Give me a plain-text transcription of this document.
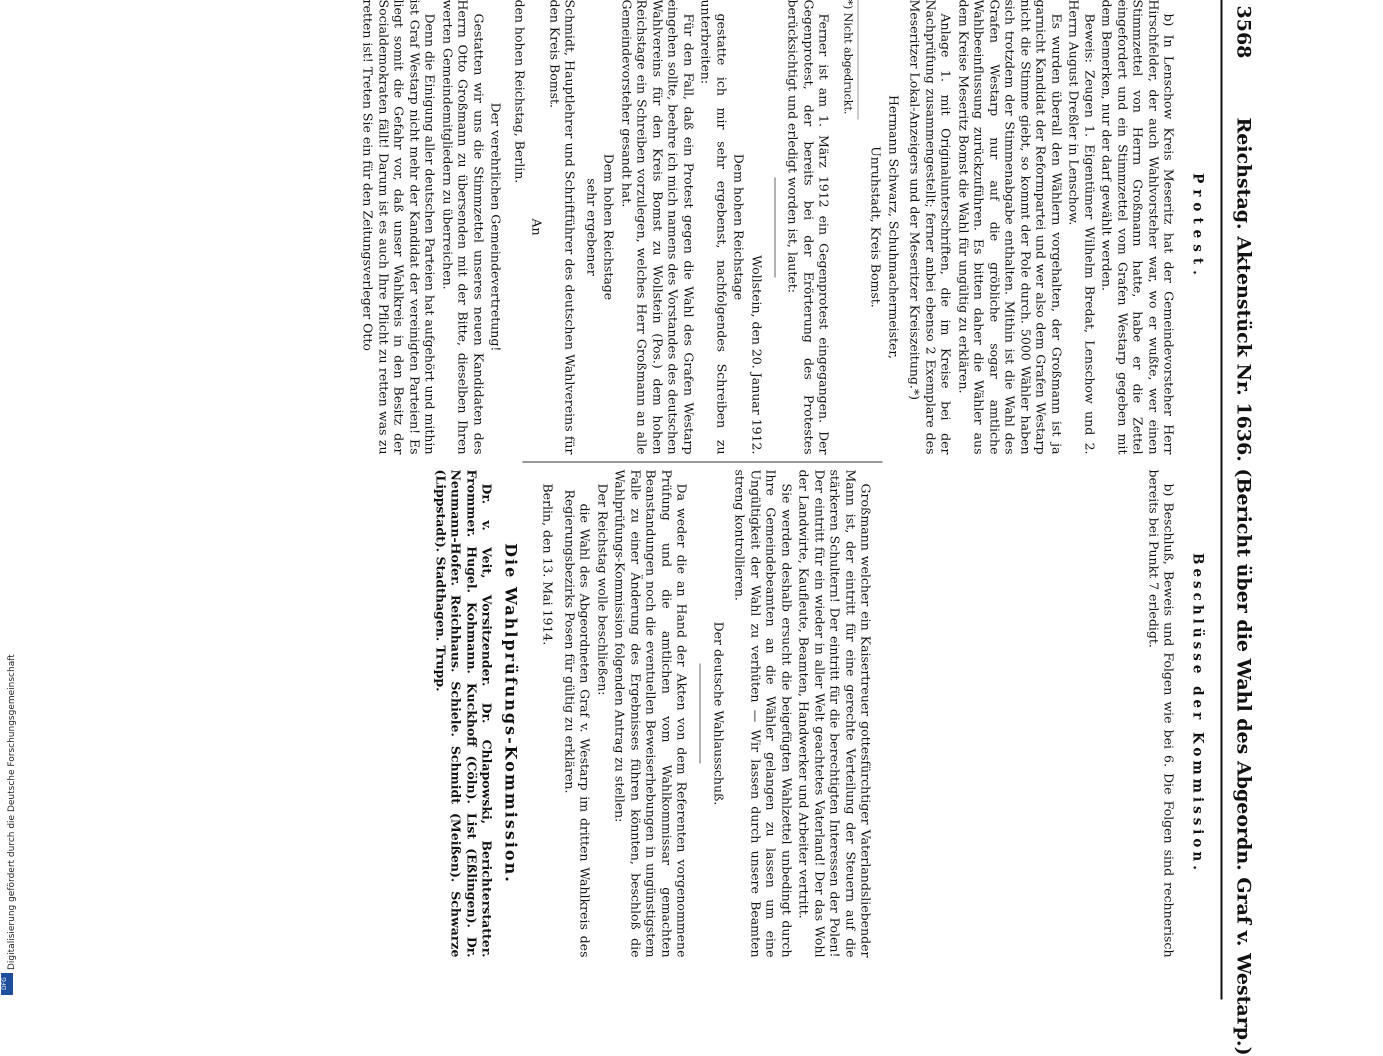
Digitalisierung gefördert durch die Deutsche Forschungsgemeinschaft
DFG
3568
Reichstag. Aktenstück Nr. 1636. (Bericht über die Wahl des Abgeordn. Graf v. Westarp.)
Protest.

b) In Lenschow Kreis Meseritz hat der Gemeindevorsteher Herr Hirschfelder, der auch Wahlvorsteher war, wo er wußte, wer einen Stimmzettel von Herrn Großmann hatte, habe er die Zettel eingefordert und ein Stimmzettel vom Grafen Westarp gegeben mit dem Bemerken, nur der darf gewählt werden.

Beweis: Zeugen 1. Eigentümer Wilhelm Bredat, Lenschow und 2. Herrn August Dreßler in Lenschow.

Es wurden überall den Wählern vorgehalten, der Großmann ist ja garnicht Kandidat der Reformpartei und wer also dem Grafen Westarp nicht die Stimme giebt, so kommt der Pole durch. 5000 Wähler haben sich trotzdem der Stimmenabgabe enthalten. Mithin ist die Wahl des Grafen Westarp nur auf die gröbliche sogar amtliche Wahlbeeinflussung zurückzuführen. Es bitten daher die Wähler aus dem Kreise Meseritz Bomst die Wahl für ungültig zu erklären.

Anlage 1. mit Originalunterschriften, die im Kreise bei der Nachprüfung zusammengestellt; ferner anbei ebenso 2 Exemplare des Meseritzer Lokal-Anzeigers und der Meseritzer Kreiszeitung.*)

Hermann Schwarz, Schuhmachermeister,

Unruhstadt, Kreis Bomst.

*) Nicht abgedruckt.

Ferner ist am 1. März 1912 ein Gegenprotest eingegangen. Der Gegenprotest, der bereits bei der Erörterung des Protestes berücksichtigt und erledigt worden ist, lautet:

Wollstein, den 20. Januar 1912.

Dem hohen Reichstage

gestatte ich mir sehr ergebenst, nachfolgendes Schreiben zu unterbreiten:

Für den Fall, daß ein Protest gegen die Wahl des Grafen Westarp eingehen sollte, beehre ich mich namens des Vorstandes des deutschen Wahlvereins für den Kreis Bomst zu Wollstein (Pos.) dem hohen Reichstage ein Schreiben vorzulegen, welches Herr Großmann an alle Gemeindevorsteher gesandt hat.

Dem hohen Reichstage

sehr ergebener

Schmidt, Hauptlehrer und Schriftführer des deutschen Wahlvereins für den Kreis Bomst.

An

den hohen Reichstag, Berlin.

Der verehrlichen Gemeindevertretung!

Gestatten wir uns die Stimmzettel unseres neuen Kandidaten des Herrn Otto Großmann zu übersenden mit der Bitte, dieselben Ihren werten Gemeindemitgliedern zu überreichen.

Denn die Einigung aller deutschen Parteien hat aufgehört und mithin ist Graf Westarp nicht mehr der Kandidat der vereinigten Parteien! Es liegt somit die Gefahr vor, daß unser Wahlkreis in den Besitz der Socialdemokraten fällt! Darum ist es auch Ihre Pflicht zu retten was zu retten ist! Treten Sie ein für den Zeitungsverleger Otto

Beschlüsse der Kommission.

b) Beschluß, Beweis und Folgen wie bei 6. Die Folgen sind rechnerisch bereits bei Punkt 7 erledigt.

Großmann welcher ein Kaisertreuer gottesfürchtiger Vaterlandsliebender Mann ist, der eintritt für eine gerechte Verteilung der Steuern auf die stärkeren Schultern! Der eintritt für die berechtigten Interessen der Polen! Der eintritt für ein wieder in aller Welt geachtetes Vaterland! Der das Wohl der Landwirte, Kaufleute, Beamten, Handwerker und Arbeiter vertritt.

Sie werden deshalb ersucht die beigefügten Wahlzettel unbedingt durch Ihre Gemeindebeamten an die Wähler gelangen zu lassen um eine Ungültigkeit der Wahl zu verhüten — Wir lassen durch unsere Beamten streng kontrollieren.

Der deutsche Wahlausschuß.

Da weder die an Hand der Akten von dem Referenten vorgenommene Prüfung und die amtlichen vom Wahlkommissar gemachten Beanstandungen noch die eventuellen Beweiserhebungen in ungünstigstem Falle zu einer Änderung des Ergebnisses führen könnten, beschloß die Wahlprüfungs-Kommission folgenden Antrag zu stellen:

Der Reichstag wolle beschließen:

die Wahl des Abgeordneten Graf v. Westarp im dritten Wahlkreis des Regierungsbezirks Posen für gültig zu erklären.

Berlin, den 13. Mai 1914.

Die Wahlprüfungs-Kommission.

Dr. v. Veit, Vorsitzender. Dr. Chlapowski, Berichterstatter. Frommer. Hugel. Kohmann. Kuckhoff (Cöln). List (Eßlingen). Dr. Neumann-Hofer. Reichhaus. Schiele. Schmidt (Meißen). Schwarze (Lippstadt). Stadthagen. Trupp.
